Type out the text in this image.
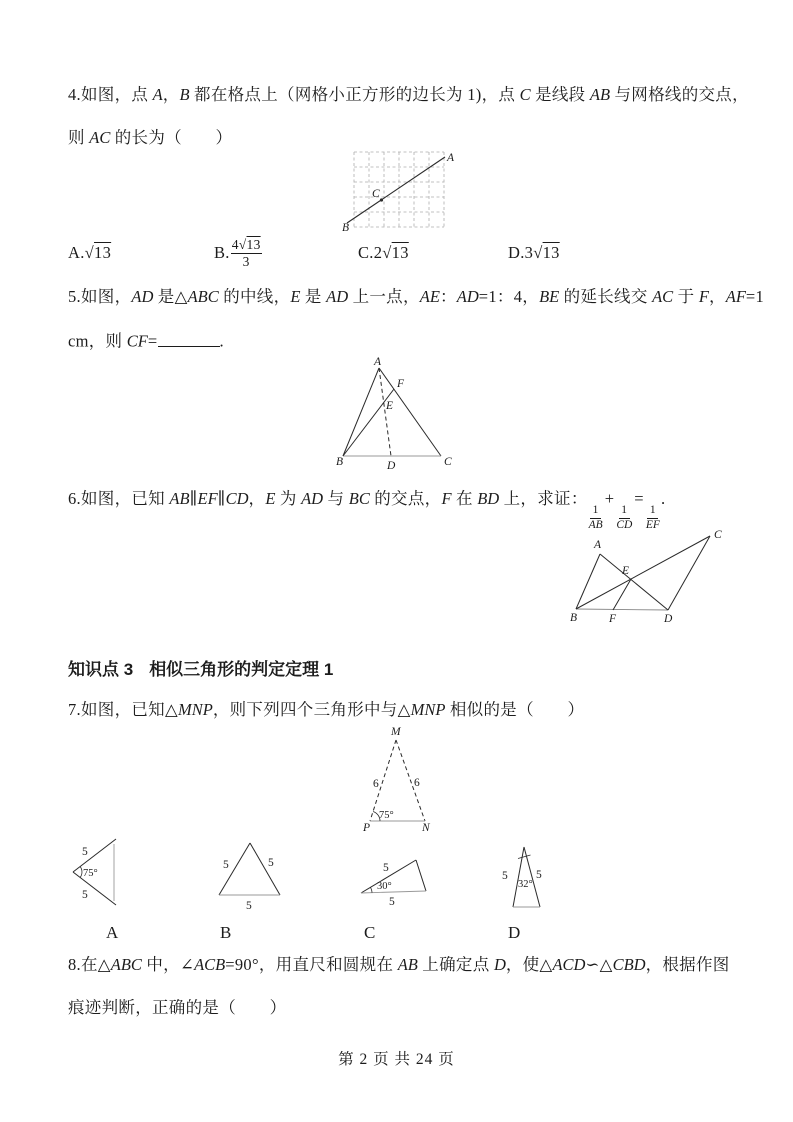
4.如图，点 A，B 都在格点上（网格小正方形的边长为 1)，点 C 是线段 AB 与网格线的交点，

则 AC 的长为（　　）

A
B
C
A. √ 13	B. 4√13
3	C. 2 √ 13	D. 3 √ 13

5.如图，AD 是△ABC 的中线，E 是 AD 上一点，AE：AD=1：4，BE 的延长线交 AC 于 F，AF=1

cm，则 CF=	.

A
B	C
D
F
E

6.如图，已知 AB∥EF∥CD，E 为 AD 与 BC 的交点，F 在 BD 上，求证：
$\frac{1}{AB}$
+
$\frac{1}{CD}$
=
$\frac{1}{EF}$
.

A
C
E
B	F	D

知识点 3 相似三角形的判定定理 1

7.如图，已知△MNP，则下列四个三角形中与△MNP 相似的是（　　）

M
P	N
6	6
75°
5
75°
5
5	5
5
5
30°
5
5
32°
5
A	B	C	D

8.在△ABC 中，∠ACB=90°，用直尺和圆规在 AB 上确定点 D，使△ACD∽△CBD，根据作图

痕迹判断，正确的是（　　）

第 2 页 共 24 页
